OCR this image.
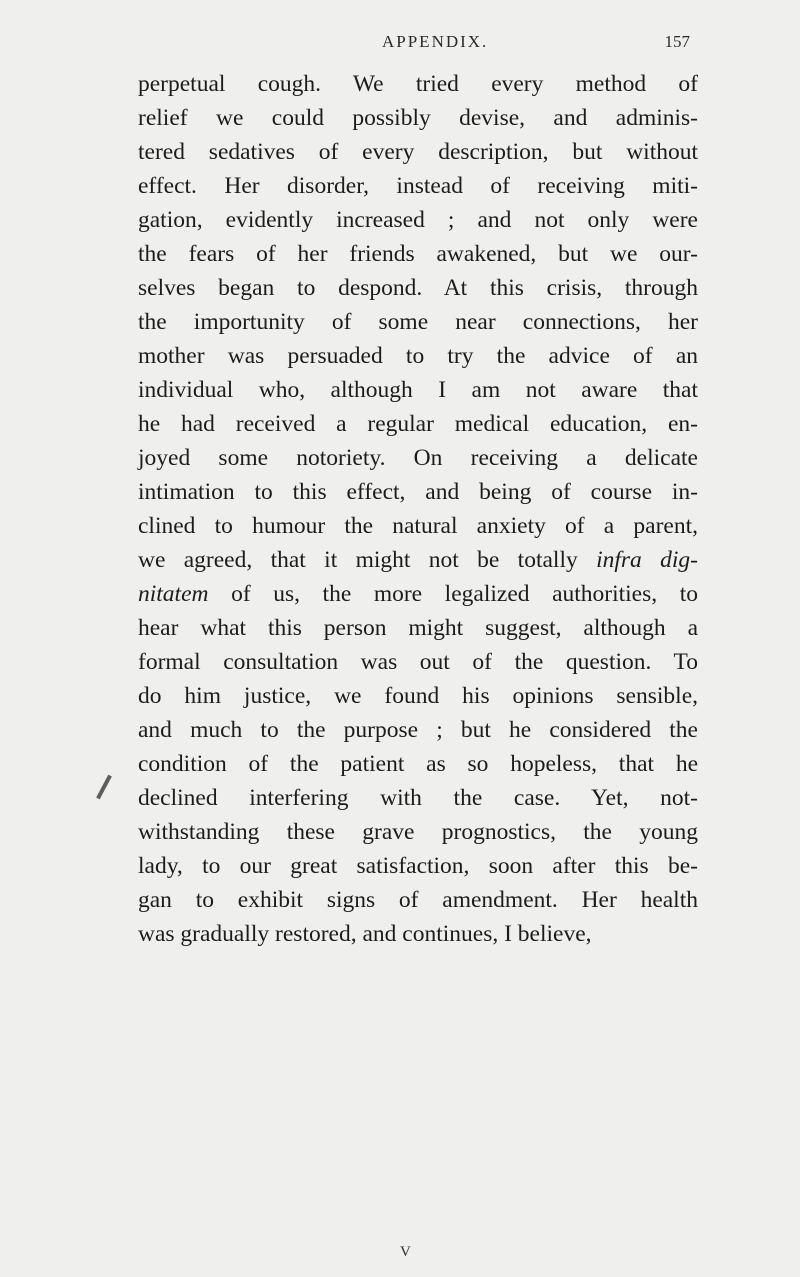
APPENDIX.	157
perpetual cough. We tried every method of
relief we could possibly devise, and adminis-
tered sedatives of every description, but without
effect. Her disorder, instead of receiving miti-
gation, evidently increased ; and not only were
the fears of her friends awakened, but we our-
selves began to despond. At this crisis, through
the importunity of some near connections, her
mother was persuaded to try the advice of an
individual who, although I am not aware that
he had received a regular medical education, en-
joyed some notoriety. On receiving a delicate
intimation to this effect, and being of course in-
clined to humour the natural anxiety of a parent,
we agreed, that it might not be totally infra dig-
nitatem of us, the more legalized authorities, to
hear what this person might suggest, although a
formal consultation was out of the question. To
do him justice, we found his opinions sensible,
and much to the purpose ; but he considered the
condition of the patient as so hopeless, that he
declined interfering with the case. Yet, not-
withstanding these grave prognostics, the young
lady, to our great satisfaction, soon after this be-
gan to exhibit signs of amendment. Her health
was gradually restored, and continues, I believe,
V
